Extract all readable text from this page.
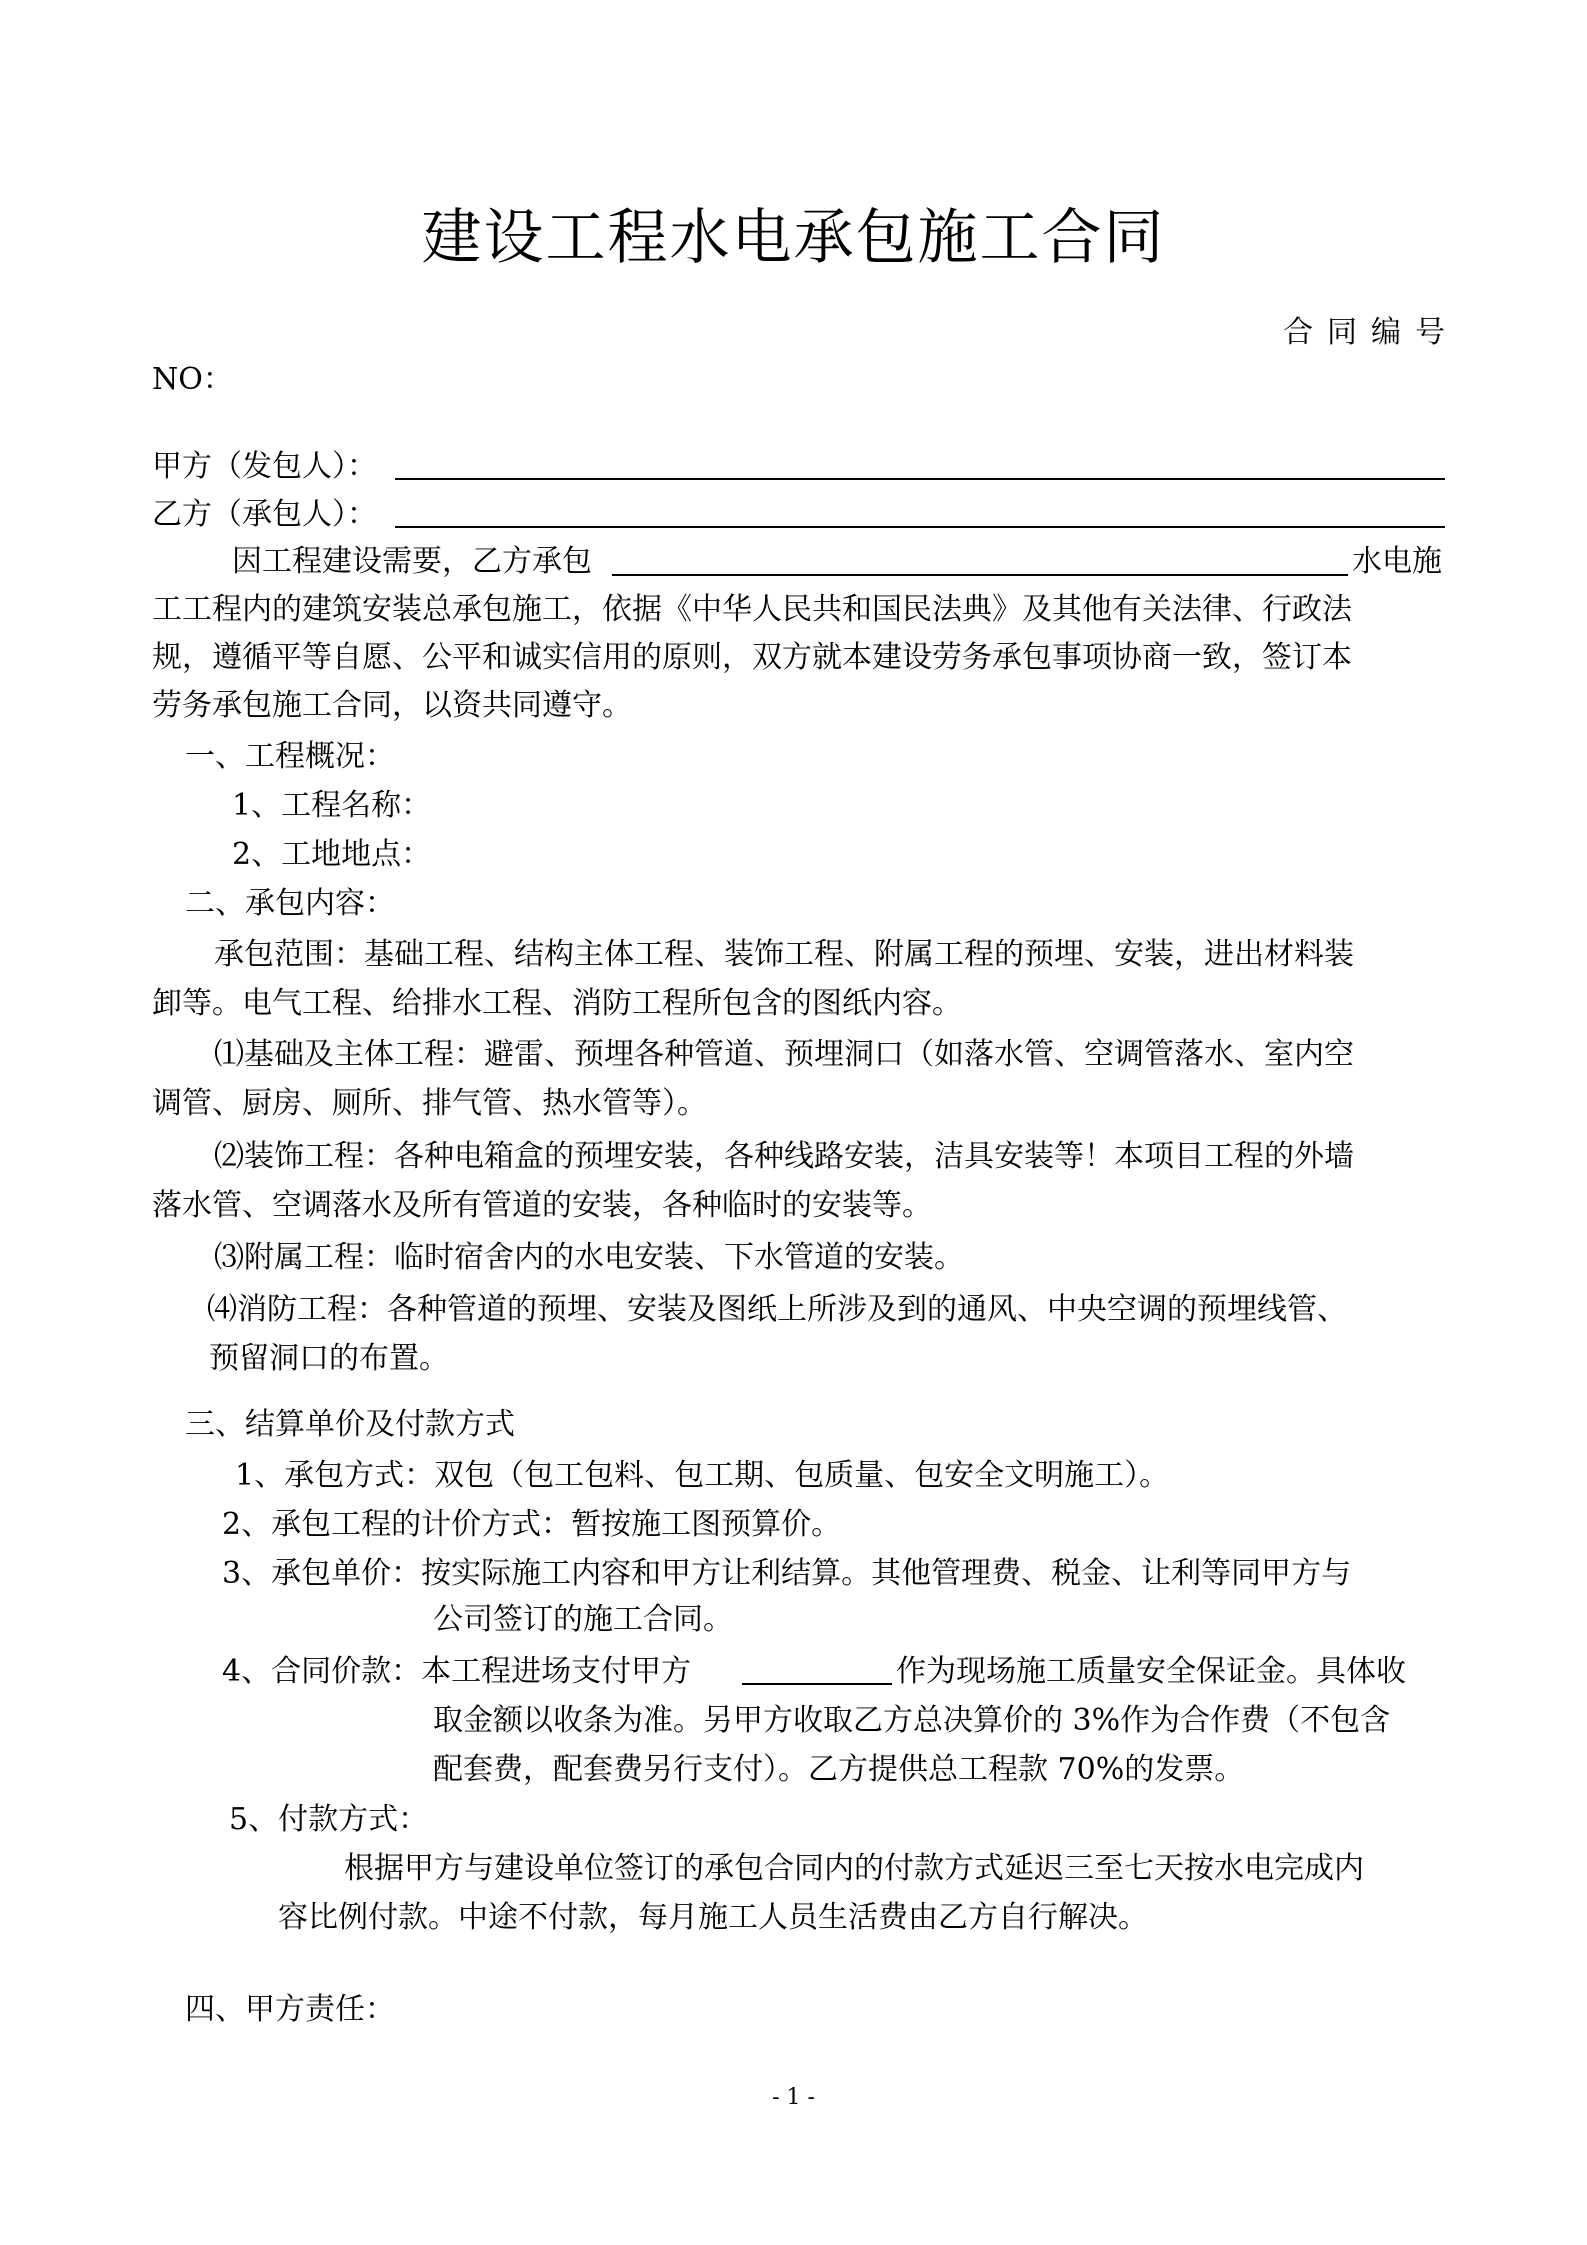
建设工程水电承包施工合同
合同编号
NO：
甲方（发包人）：
乙方（承包人）：
因工程建设需要，乙方承包	水电施
工工程内的建筑安装总承包施工，依据《中华人民共和国民法典》及其他有关法律、行政法
规，遵循平等自愿、公平和诚实信用的原则，双方就本建设劳务承包事项协商一致，签订本
劳务承包施工合同，以资共同遵守。
一、工程概况：
1、工程名称：
2、工地地点：
二、承包内容：
承包范围：基础工程、结构主体工程、装饰工程、附属工程的预埋、安装，进出材料装
卸等。电气工程、给排水工程、消防工程所包含的图纸内容。
⑴基础及主体工程：避雷、预埋各种管道、预埋洞口（如落水管、空调管落水、室内空
调管、厨房、厕所、排气管、热水管等）。
⑵装饰工程：各种电箱盒的预埋安装，各种线路安装，洁具安装等！本项目工程的外墙
落水管、空调落水及所有管道的安装，各种临时的安装等。
⑶附属工程：临时宿舍内的水电安装、下水管道的安装。
⑷消防工程：各种管道的预埋、安装及图纸上所涉及到的通风、中央空调的预埋线管、
预留洞口的布置。
三、结算单价及付款方式
1、承包方式：双包（包工包料、包工期、包质量、包安全文明施工）。
2、承包工程的计价方式：暂按施工图预算价。
3、承包单价：按实际施工内容和甲方让利结算。其他管理费、税金、让利等同甲方与
公司签订的施工合同。
4、合同价款：本工程进场支付甲方	作为现场施工质量安全保证金。具体收
取金额以收条为准。另甲方收取乙方总决算价的 3%作为合作费（不包含
配套费，配套费另行支付）。乙方提供总工程款 70%的发票。
5、付款方式：
根据甲方与建设单位签订的承包合同内的付款方式延迟三至七天按水电完成内
容比例付款。中途不付款，每月施工人员生活费由乙方自行解决。
四、甲方责任：
- 1 -
